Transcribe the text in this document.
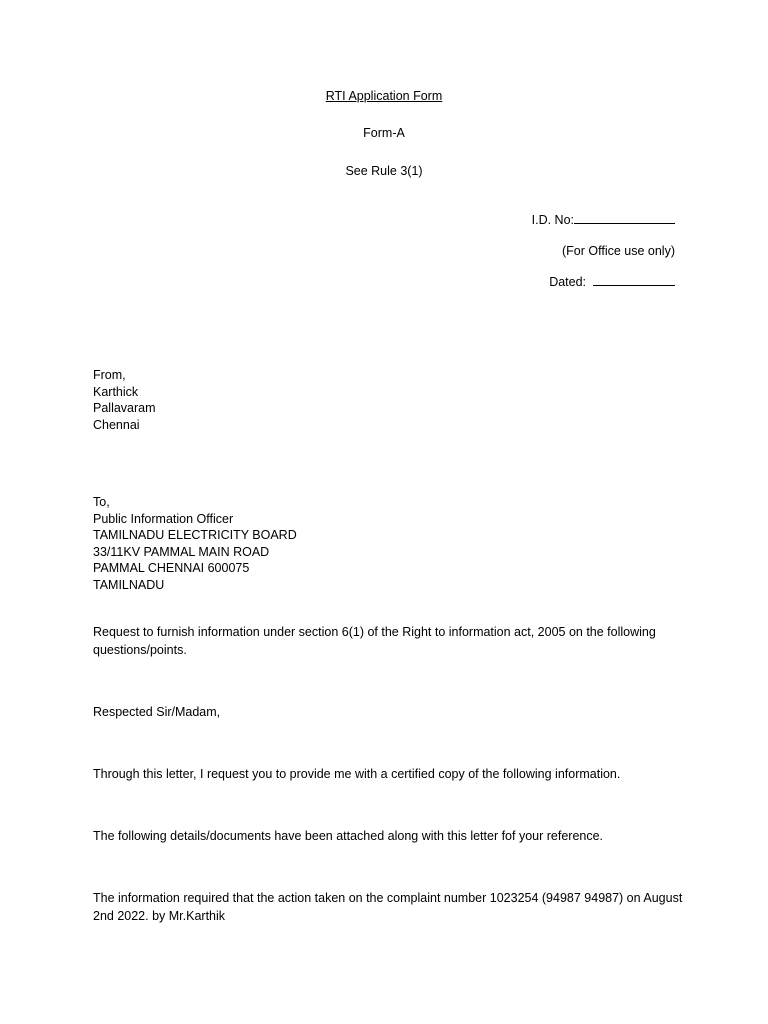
RTI Application Form
Form-A
See Rule 3(1)
I.D. No:
(For Office use only)
Dated:
From,
Karthick
Pallavaram
Chennai
To,
Public Information Officer
TAMILNADU ELECTRICITY BOARD
33/11KV PAMMAL MAIN ROAD
PAMMAL CHENNAI 600075
TAMILNADU
Request to furnish information under section 6(1) of the Right to information act, 2005 on the following questions/points.
Respected Sir/Madam,
Through this letter, I request you to provide me with a certified copy of the following information.
The following details/documents have been attached along with this letter fof your reference.
The information required that the action taken on the complaint number 1023254 (94987 94987) on August 2nd 2022. by Mr.Karthik
